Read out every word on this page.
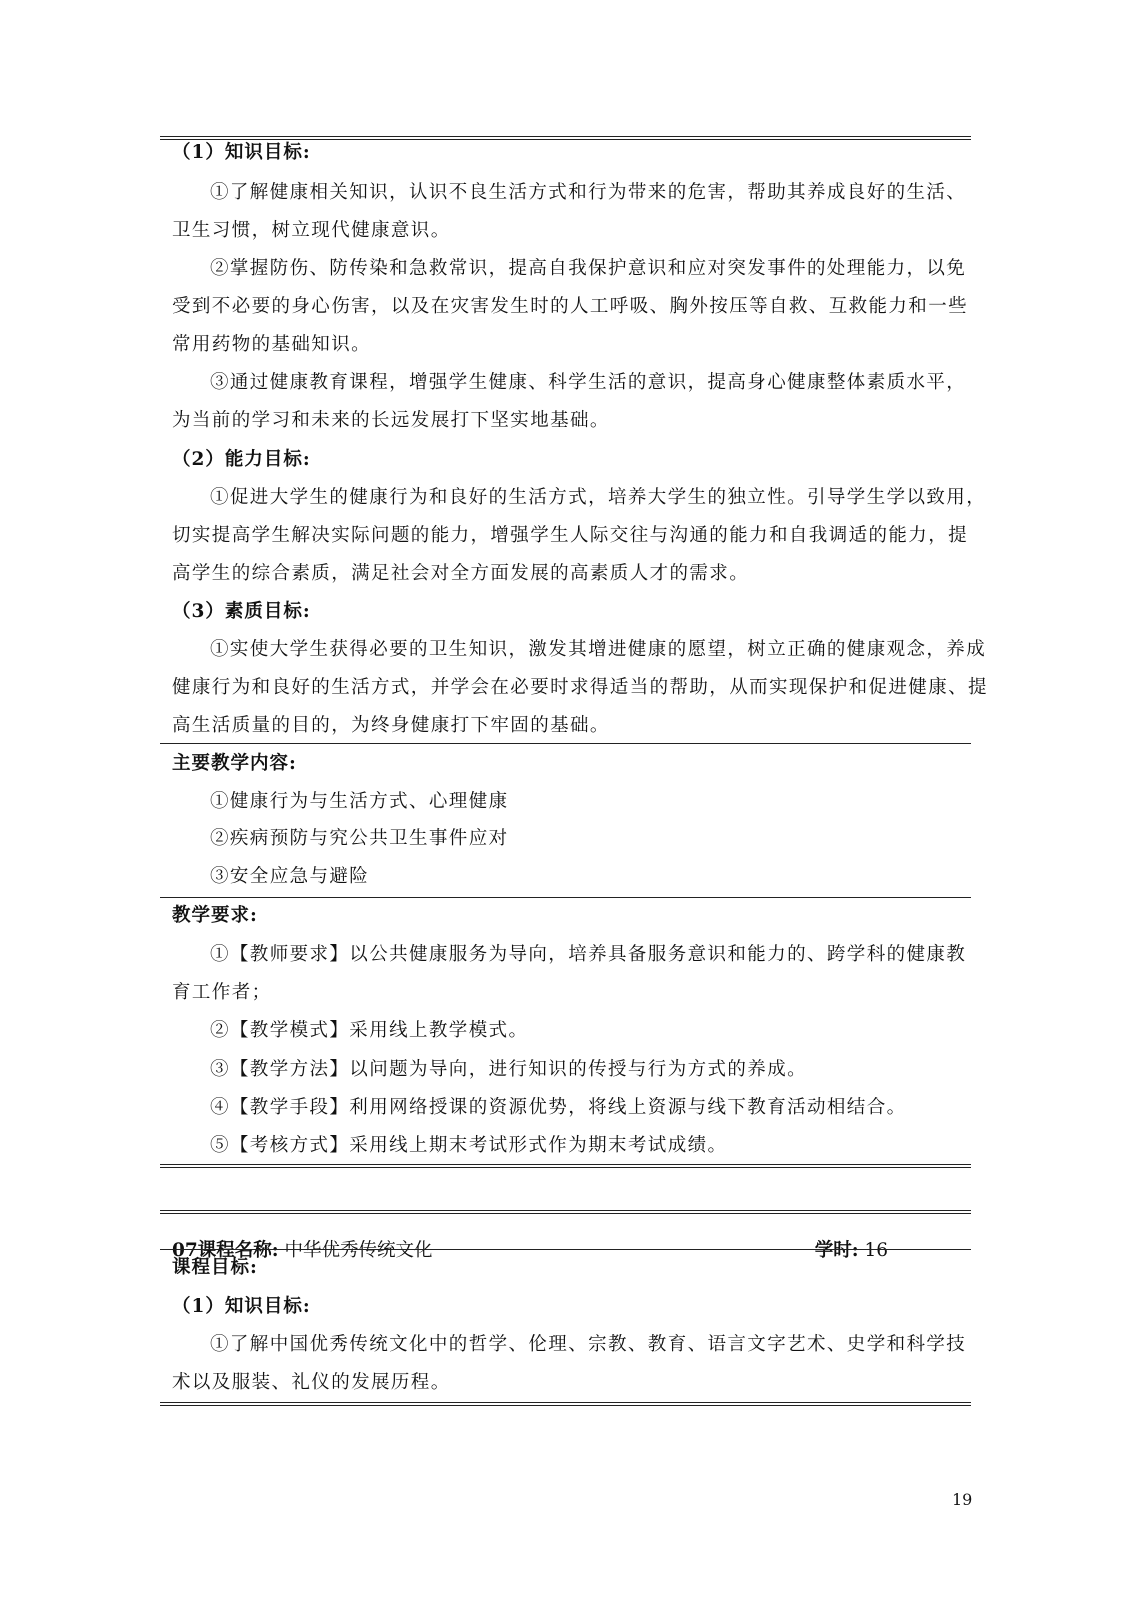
（1）知识目标:
①了解健康相关知识，认识不良生活方式和行为带来的危害，帮助其养成良好的生活、
卫生习惯，树立现代健康意识。
②掌握防伤、防传染和急救常识，提高自我保护意识和应对突发事件的处理能力，以免
受到不必要的身心伤害，以及在灾害发生时的人工呼吸、胸外按压等自救、互救能力和一些
常用药物的基础知识。
③通过健康教育课程，增强学生健康、科学生活的意识，提高身心健康整体素质水平，
为当前的学习和未来的长远发展打下坚实地基础。
（2）能力目标:
①促进大学生的健康行为和良好的生活方式，培养大学生的独立性。引导学生学以致用，
切实提高学生解决实际问题的能力，增强学生人际交往与沟通的能力和自我调适的能力，提
高学生的综合素质，满足社会对全方面发展的高素质人才的需求。
（3）素质目标:
①实使大学生获得必要的卫生知识，激发其增进健康的愿望，树立正确的健康观念，养成
健康行为和良好的生活方式，并学会在必要时求得适当的帮助，从而实现保护和促进健康、提
高生活质量的目的，为终身健康打下牢固的基础。
主要教学内容:
①健康行为与生活方式、心理健康
②疾病预防与究公共卫生事件应对
③安全应急与避险
教学要求:
①【教师要求】以公共健康服务为导向，培养具备服务意识和能力的、跨学科的健康教
育工作者；
②【教学模式】采用线上教学模式。
③【教学方法】以问题为导向，进行知识的传授与行为方式的养成。
④【教学手段】利用网络授课的资源优势，将线上资源与线下教育活动相结合。
⑤【考核方式】采用线上期末考试形式作为期末考试成绩。
07课程名称: 中华优秀传统文化	学时: 16
课程目标:
（1）知识目标:
①了解中国优秀传统文化中的哲学、伦理、宗教、教育、语言文字艺术、史学和科学技
术以及服装、礼仪的发展历程。
19
